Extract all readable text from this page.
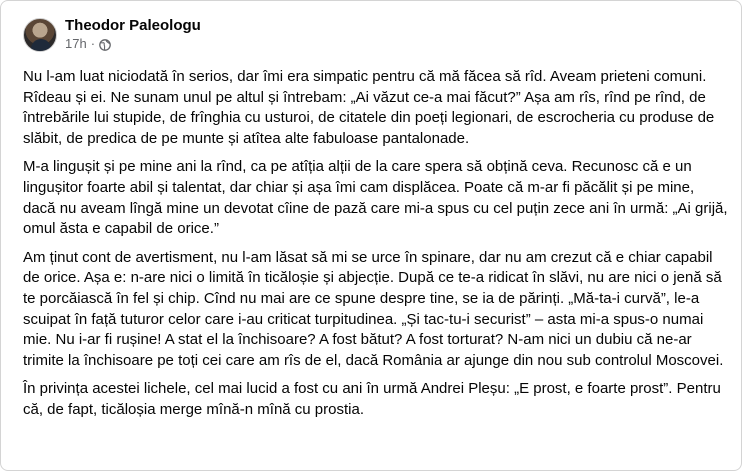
Theodor Paleologu
17h ·

Nu l-am luat niciodată în serios, dar îmi era simpatic pentru că mă făcea să rîd. Aveam prieteni comuni. Rîdeau și ei. Ne sunam unul pe altul și întrebam: „Ai văzut ce-a mai făcut?” Așa am rîs, rînd pe rînd, de întrebările lui stupide, de frînghia cu usturoi, de citatele din poeți legionari, de escrocheria cu produse de slăbit, de predica de pe munte și atîtea alte fabuloase pantalonade.

M-a lingușit și pe mine ani la rînd, ca pe atîția alții de la care spera să obțină ceva. Recunosc că e un lingușitor foarte abil și talentat, dar chiar și așa îmi cam displăcea. Poate că m-ar fi păcălit și pe mine, dacă nu aveam lîngă mine un devotat cîine de pază care mi-a spus cu cel puțin zece ani în urmă: „Ai grijă, omul ăsta e capabil de orice.”

Am ținut cont de avertisment, nu l-am lăsat să mi se urce în spinare, dar nu am crezut că e chiar capabil de orice. Așa e: n-are nici o limită în ticăloșie și abjecție. După ce te-a ridicat în slăvi, nu are nici o jenă să te porcăiască în fel și chip. Cînd nu mai are ce spune despre tine, se ia de părinți. „Mă-ta-i curvă”, le-a scuipat în față tuturor celor care i-au criticat turpitudinea. „Și tac-tu-i securist” – asta mi-a spus-o numai mie. Nu i-ar fi rușine! A stat el la închisoare? A fost bătut? A fost torturat? N-am nici un dubiu că ne-ar trimite la închisoare pe toți cei care am rîs de el, dacă România ar ajunge din nou sub controlul Moscovei.

În privința acestei lichele, cel mai lucid a fost cu ani în urmă Andrei Pleșu: „E prost, e foarte prost”. Pentru că, de fapt, ticăloșia merge mînă-n mînă cu prostia.
